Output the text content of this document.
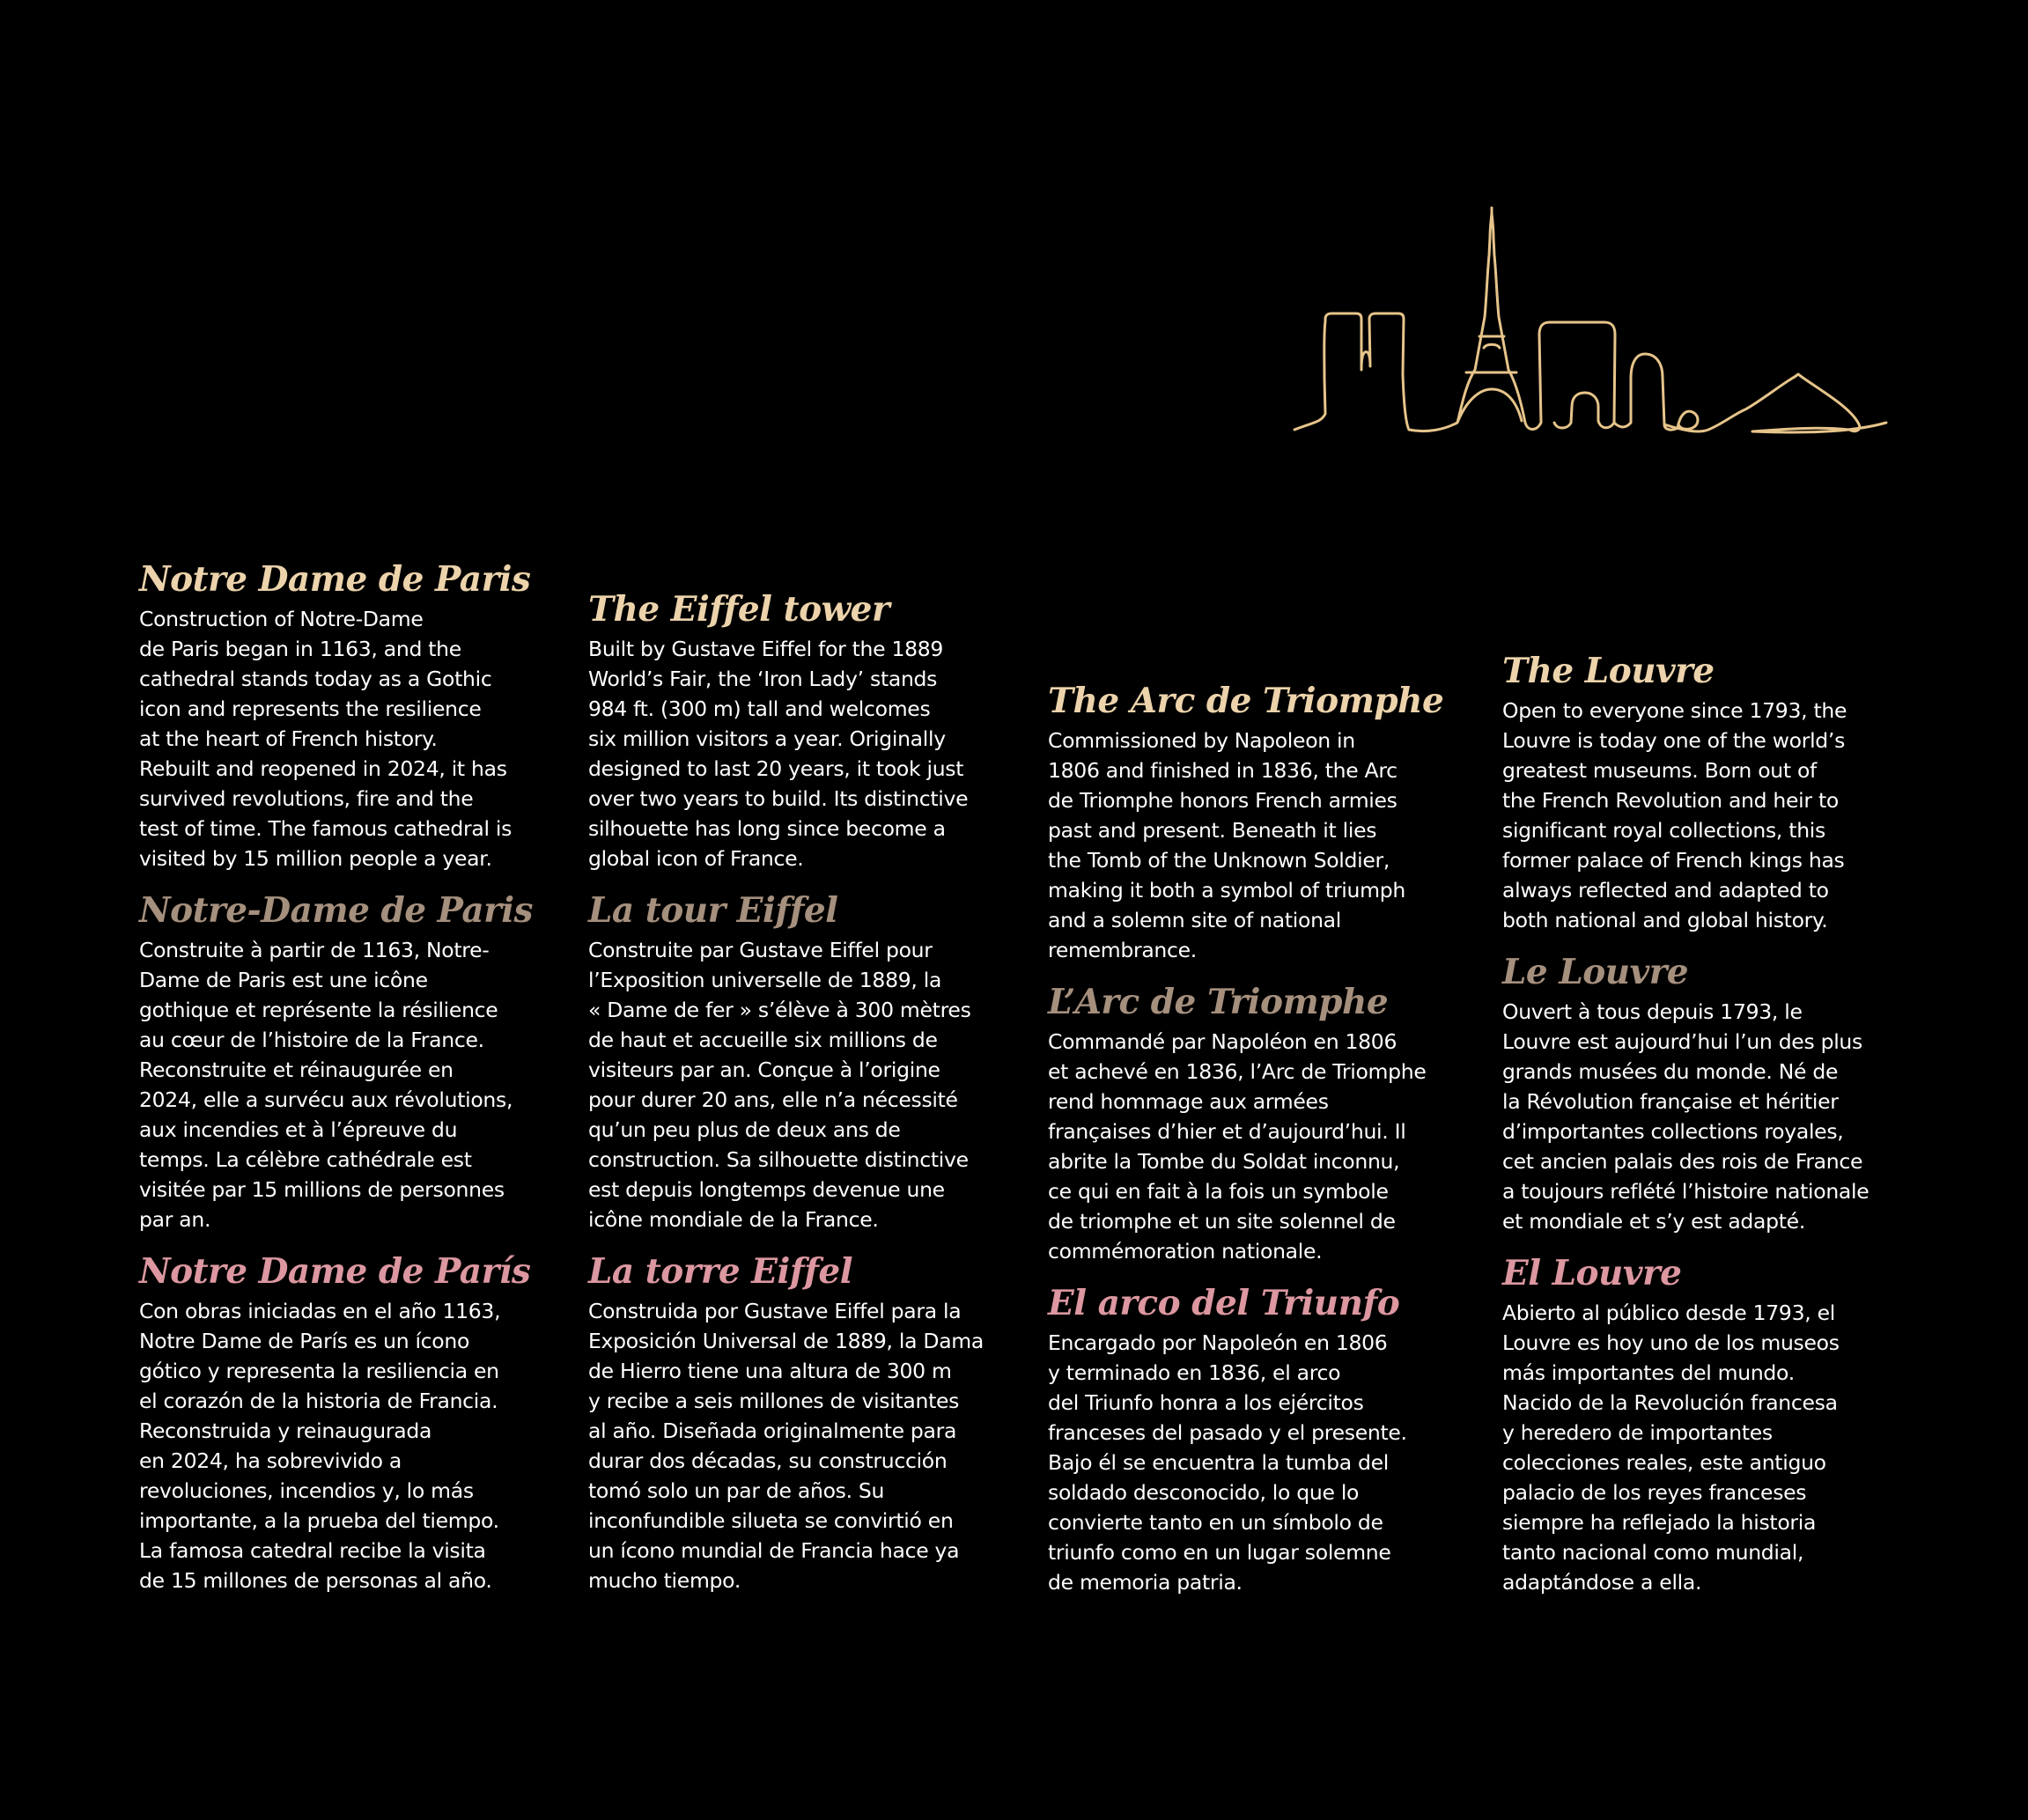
Notre Dame de Paris

Construction of Notre-Dame
de Paris began in 1163, and the
cathedral stands today as a Gothic
icon and represents the resilience
at the heart of French history.
Rebuilt and reopened in 2024, it has
survived revolutions, fire and the
test of time. The famous cathedral is
visited by 15 million people a year.

Notre-Dame de Paris

Construite à partir de 1163, Notre-
Dame de Paris est une icône
gothique et représente la résilience
au cœur de l’histoire de la France.
Reconstruite et réinaugurée en
2024, elle a survécu aux révolutions,
aux incendies et à l’épreuve du
temps. La célèbre cathédrale est
visitée par 15 millions de personnes
par an.

Notre Dame de París

Con obras iniciadas en el año 1163,
Notre Dame de París es un ícono
gótico y representa la resiliencia en
el corazón de la historia de Francia.
Reconstruida y reinaugurada
en 2024, ha sobrevivido a
revoluciones, incendios y, lo más
importante, a la prueba del tiempo.
La famosa catedral recibe la visita
de 15 millones de personas al año.

The Eiffel tower

Built by Gustave Eiffel for the 1889
World’s Fair, the ‘Iron Lady’ stands
984 ft. (300 m) tall and welcomes
six million visitors a year. Originally
designed to last 20 years, it took just
over two years to build. Its distinctive
silhouette has long since become a
global icon of France.

La tour Eiffel

Construite par Gustave Eiffel pour
l’Exposition universelle de 1889, la
« Dame de fer » s’élève à 300 mètres
de haut et accueille six millions de
visiteurs par an. Conçue à l’origine
pour durer 20 ans, elle n’a nécessité
qu’un peu plus de deux ans de
construction. Sa silhouette distinctive
est depuis longtemps devenue une
icône mondiale de la France.

La torre Eiffel

Construida por Gustave Eiffel para la
Exposición Universal de 1889, la Dama
de Hierro tiene una altura de 300 m
y recibe a seis millones de visitantes
al año. Diseñada originalmente para
durar dos décadas, su construcción
tomó solo un par de años. Su
inconfundible silueta se convirtió en
un ícono mundial de Francia hace ya
mucho tiempo.

The Arc de Triomphe

Commissioned by Napoleon in
1806 and finished in 1836, the Arc
de Triomphe honors French armies
past and present. Beneath it lies
the Tomb of the Unknown Soldier,
making it both a symbol of triumph
and a solemn site of national
remembrance.

L’Arc de Triomphe

Commandé par Napoléon en 1806
et achevé en 1836, l’Arc de Triomphe
rend hommage aux armées
françaises d’hier et d’aujourd’hui. Il
abrite la Tombe du Soldat inconnu,
ce qui en fait à la fois un symbole
de triomphe et un site solennel de
commémoration nationale.

El arco del Triunfo

Encargado por Napoleón en 1806
y terminado en 1836, el arco
del Triunfo honra a los ejércitos
franceses del pasado y el presente.
Bajo él se encuentra la tumba del
soldado desconocido, lo que lo
convierte tanto en un símbolo de
triunfo como en un lugar solemne
de memoria patria.

The Louvre

Open to everyone since 1793, the
Louvre is today one of the world’s
greatest museums. Born out of
the French Revolution and heir to
significant royal collections, this
former palace of French kings has
always reflected and adapted to
both national and global history.

Le Louvre

Ouvert à tous depuis 1793, le
Louvre est aujourd’hui l’un des plus
grands musées du monde. Né de
la Révolution française et héritier
d’importantes collections royales,
cet ancien palais des rois de France
a toujours reflété l’histoire nationale
et mondiale et s’y est adapté.

El Louvre

Abierto al público desde 1793, el
Louvre es hoy uno de los museos
más importantes del mundo.
Nacido de la Revolución francesa
y heredero de importantes
colecciones reales, este antiguo
palacio de los reyes franceses
siempre ha reflejado la historia
tanto nacional como mundial,
adaptándose a ella.
